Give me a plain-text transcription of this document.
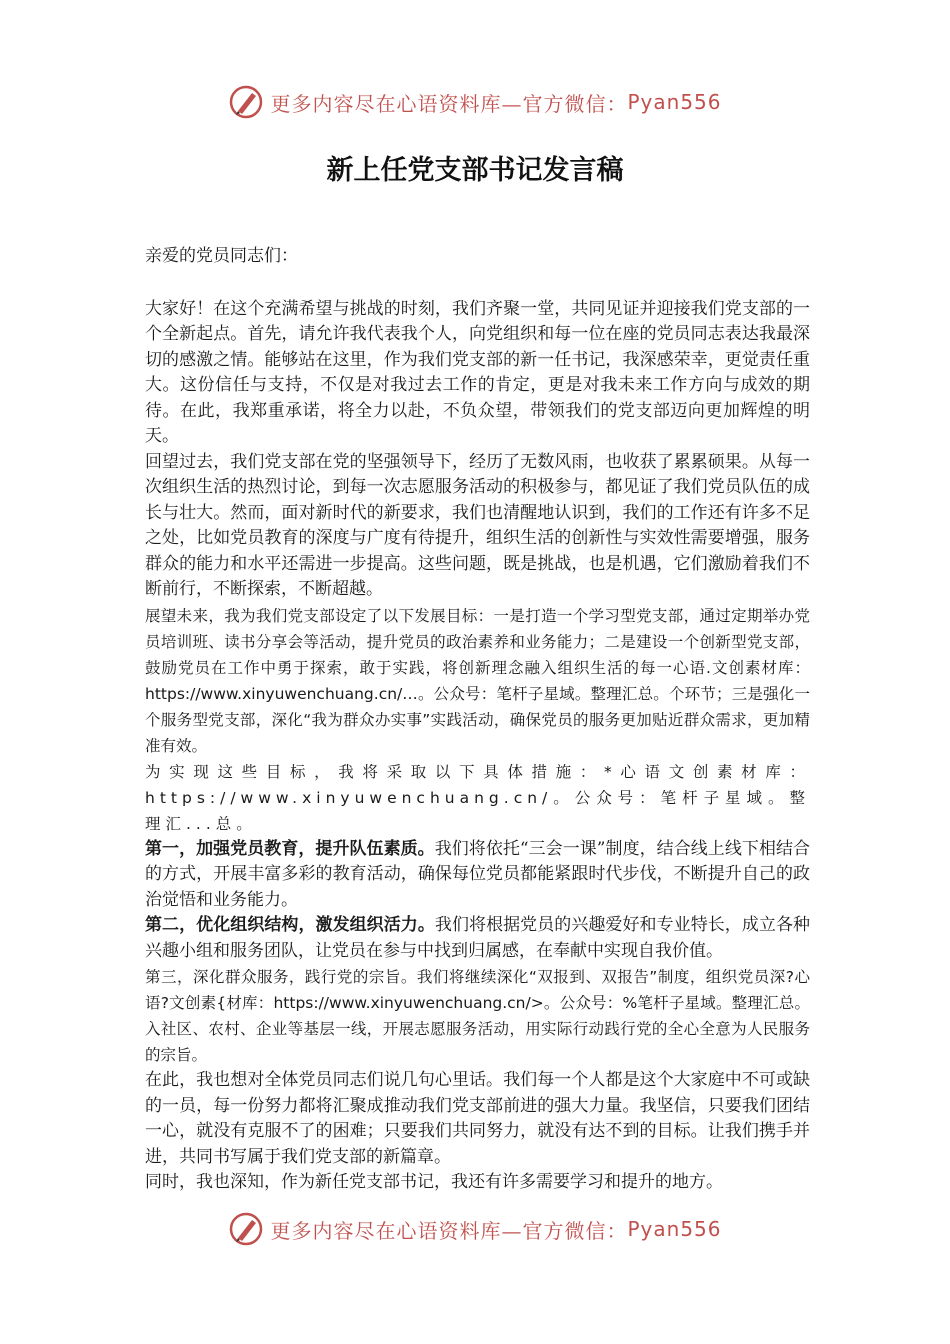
更多内容尽在心语资料库—官方微信： Pyan556
新上任党支部书记发言稿

亲爱的党员同志们：

大家好！在这个充满希望与挑战的时刻，我们齐聚一堂，共同见证并迎接我们党支部的一个全新起点。首先，请允许我代表我个人，向党组织和每一位在座的党员同志表达我最深切的感激之情。能够站在这里，作为我们党支部的新一任书记，我深感荣幸，更觉责任重大。这份信任与支持，不仅是对我过去工作的肯定，更是对我未来工作方向与成效的期待。在此，我郑重承诺，将全力以赴，不负众望，带领我们的党支部迈向更加辉煌的明天。

回望过去，我们党支部在党的坚强领导下，经历了无数风雨，也收获了累累硕果。从每一次组织生活的热烈讨论，到每一次志愿服务活动的积极参与，都见证了我们党员队伍的成长与壮大。然而，面对新时代的新要求，我们也清醒地认识到，我们的工作还有许多不足之处，比如党员教育的深度与广度有待提升，组织生活的创新性与实效性需要增强，服务群众的能力和水平还需进一步提高。这些问题，既是挑战，也是机遇，它们激励着我们不断前行，不断探索，不断超越。

展望未来，我为我们党支部设定了以下发展目标：一是打造一个学习型党支部，通过定期举办党员培训班、读书分享会等活动，提升党员的政治素养和业务能力；二是建设一个创新型党支部，鼓励党员在工作中勇于探索，敢于实践，将创新理念融入组织生活的每一心语.文创素材库：https://www.xinyuwenchuang.cn/…。公众号：笔杆子星域。整理汇总。个环节；三是强化一个服务型党支部，深化“我为群众办实事”实践活动，确保党员的服务更加贴近群众需求，更加精准有效。

为实现这些目标，我将采取以下具体措施：*心语文创素材库：https://www.xinyuwenchuang.cn/。公众号：笔杆子星域。整理汇...总。

第一，加强党员教育，提升队伍素质。我们将依托“三会一课”制度，结合线上线下相结合的方式，开展丰富多彩的教育活动，确保每位党员都能紧跟时代步伐，不断提升自己的政治觉悟和业务能力。

第二，优化组织结构，激发组织活力。我们将根据党员的兴趣爱好和专业特长，成立各种兴趣小组和服务团队，让党员在参与中找到归属感，在奉献中实现自我价值。

第三，深化群众服务，践行党的宗旨。我们将继续深化“双报到、双报告”制度，组织党员深?心语?文创素{材库：https://www.xinyuwenchuang.cn/>。公众号：%笔杆子星域。整理汇总。入社区、农村、企业等基层一线，开展志愿服务活动，用实际行动践行党的全心全意为人民服务的宗旨。

在此，我也想对全体党员同志们说几句心里话。我们每一个人都是这个大家庭中不可或缺的一员，每一份努力都将汇聚成推动我们党支部前进的强大力量。我坚信，只要我们团结一心，就没有克服不了的困难；只要我们共同努力，就没有达不到的目标。让我们携手并进，共同书写属于我们党支部的新篇章。

同时，我也深知，作为新任党支部书记，我还有许多需要学习和提升的地方。

更多内容尽在心语资料库—官方微信： Pyan556
